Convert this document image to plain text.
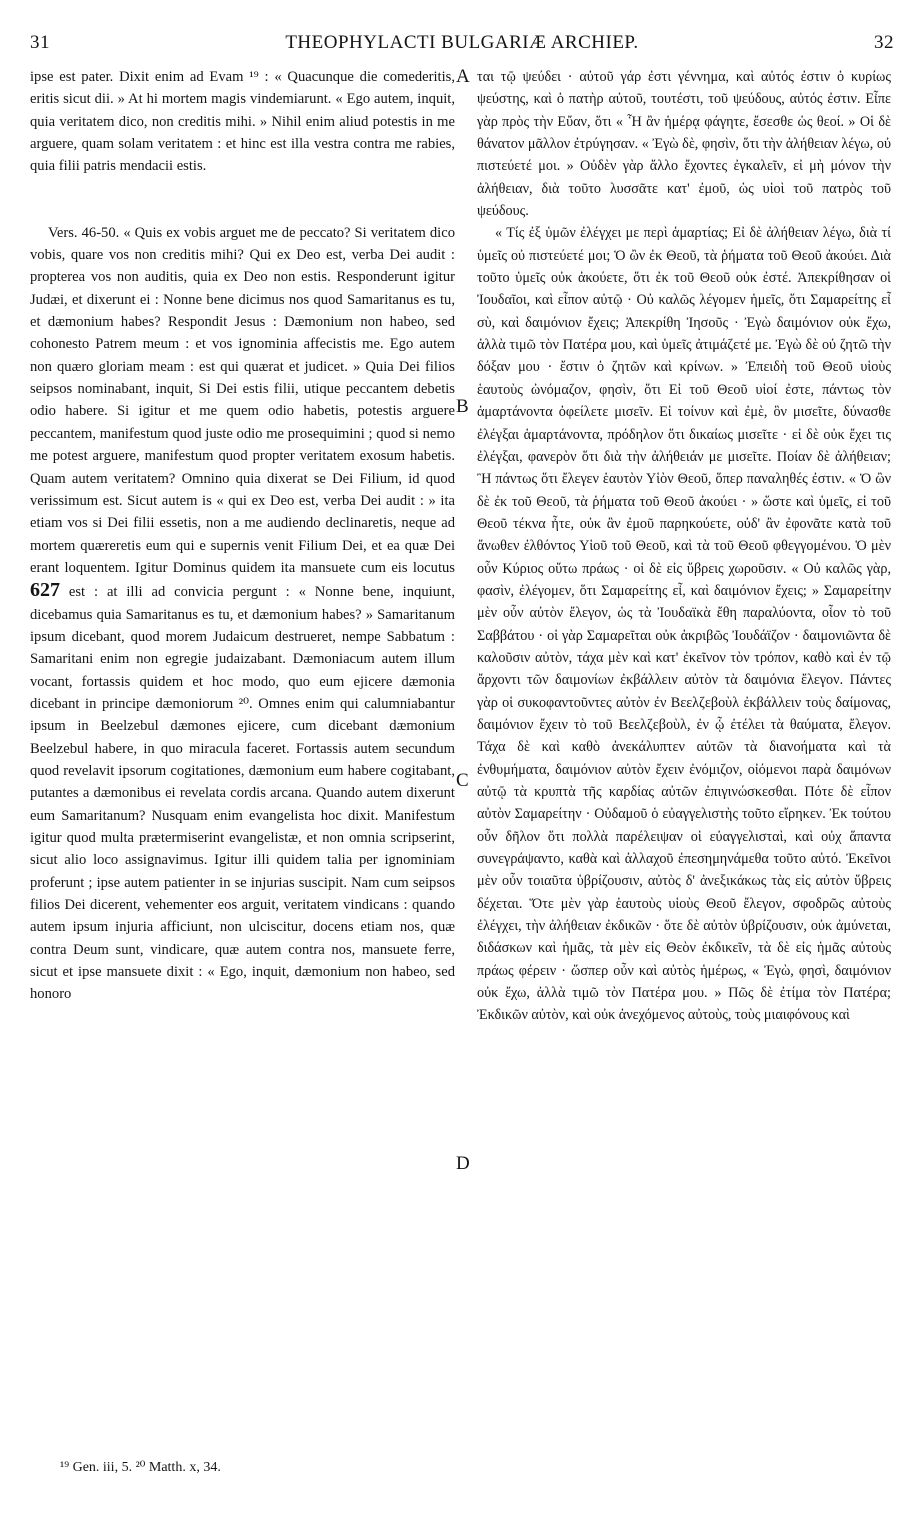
31	THEOPHYLACTI BULGARIÆ ARCHIEP.	32

ipse est pater. Dixit enim ad Evam ¹⁹ : « Quacunque die comederitis, eritis sicut dii. » At hi mortem magis vindemiarunt. « Ego autem, inquit, quia veritatem dico, non creditis mihi. » Nihil enim aliud potestis in me arguere, quam solam veritatem : et hinc est illa vestra contra me rabies, quia filii patris mendacii estis.

Vers. 46-50. « Quis ex vobis arguet me de peccato? Si veritatem dico vobis, quare vos non creditis mihi? Qui ex Deo est, verba Dei audit : propterea vos non auditis, quia ex Deo non estis. Responderunt igitur Judæi, et dixerunt ei : Nonne bene dicimus nos quod Samaritanus es tu, et dæmonium habes? Respondit Jesus : Dæmonium non habeo, sed cohonesto Patrem meum : et vos ignominia affecistis me. Ego autem non quæro gloriam meam : est qui quærat et judicet. » Quia Dei filios seipsos nominabant, inquit, Si Dei estis filii, utique peccantem debetis odio habere. Si igitur et me quem odio habetis, potestis arguere peccantem, manifestum quod juste odio me prosequimini ; quod si nemo me potest arguere, manifestum quod propter veritatem exosum habetis. Quam autem veritatem? Omnino quia dixerat se Dei Filium, id quod verissimum est. Sicut autem is « qui ex Deo est, verba Dei audit : » ita etiam vos si Dei filii essetis, non a me audiendo declinaretis, neque ad mortem quæreretis eum qui e supernis venit Filium Dei, et ea quæ Dei erant loquentem. Igitur Dominus quidem ita mansuete cum eis locutus 627 est : at illi ad convicia pergunt : « Nonne bene, inquiunt, dicebamus quia Samaritanus es tu, et dæmonium habes? » Samaritanum ipsum dicebant, quod morem Judaicum destrueret, nempe Sabbatum : Samaritani enim non egregie judaizabant. Dæmoniacum autem illum vocant, fortassis quidem et hoc modo, quo eum ejicere dæmonia dicebant in principe dæmoniorum ²⁰. Omnes enim qui calumniabantur ipsum in Beelzebul dæmones ejicere, cum dicebant dæmonium Beelzebul habere, in quo miracula faceret. Fortassis autem secundum quod revelavit ipsorum cogitationes, dæmonium eum habere cogitabant, putantes a dæmonibus ei revelata cordis arcana. Quando autem dixerunt eum Samaritanum? Nusquam enim evangelista hoc dixit. Manifestum igitur quod multa prætermiserint evangelistæ, et non omnia scripserint, sicut alio loco assignavimus. Igitur illi quidem talia per ignominiam proferunt ; ipse autem patienter in se injurias suscipit. Nam cum seipsos filios Dei dicerent, vehementer eos arguit, veritatem vindicans : quando autem ipsum injuria afficiunt, non ulciscitur, docens etiam nos, quæ contra Deum sunt, vindicare, quæ autem contra nos, mansuete ferre, sicut et ipse mansuete dixit : « Ego, inquit, dæmonium non habeo, sed honoro

A
B
C
D

ται τῷ ψεύδει · αὐτοῦ γάρ ἐστι γέννημα, καὶ αὐτός ἐστιν ὁ κυρίως ψεύστης, καὶ ὁ πατὴρ αὐτοῦ, τουτέστι, τοῦ ψεύδους, αὐτός ἐστιν. Εἶπε γὰρ πρὸς τὴν Εὔαν, ὅτι « Ἧ ἂν ἡμέρᾳ φάγητε, ἔσεσθε ὡς θεοί. » Οἱ δὲ θάνατον μᾶλλον ἐτρύγησαν. « Ἐγὼ δὲ, φησὶν, ὅτι τὴν ἀλήθειαν λέγω, οὐ πιστεύετέ μοι. » Οὐδὲν γὰρ ἄλλο ἔχοντες ἐγκαλεῖν, εἰ μὴ μόνον τὴν ἀλήθειαν, διὰ τοῦτο λυσσᾶτε κατ' ἐμοῦ, ὡς υἱοὶ τοῦ πατρὸς τοῦ ψεύδους.

« Τίς ἐξ ὑμῶν ἐλέγχει με περὶ ἁμαρτίας; Εἰ δὲ ἀλήθειαν λέγω, διὰ τί ὑμεῖς οὐ πιστεύετέ μοι; Ὁ ὢν ἐκ Θεοῦ, τὰ ῥήματα τοῦ Θεοῦ ἀκούει. Διὰ τοῦτο ὑμεῖς οὐκ ἀκούετε, ὅτι ἐκ τοῦ Θεοῦ οὐκ ἐστέ. Ἀπεκρίθησαν οἱ Ἰουδαῖοι, καὶ εἶπον αὐτῷ · Οὐ καλῶς λέγομεν ἡμεῖς, ὅτι Σαμαρείτης εἶ σὺ, καὶ δαιμόνιον ἔχεις; Ἀπεκρίθη Ἰησοῦς · Ἐγὼ δαιμόνιον οὐκ ἔχω, ἀλλὰ τιμῶ τὸν Πατέρα μου, καὶ ὑμεῖς ἀτιμάζετέ με. Ἐγὼ δὲ οὐ ζητῶ τὴν δόξαν μου · ἔστιν ὁ ζητῶν καὶ κρίνων. » Ἐπειδὴ τοῦ Θεοῦ υἱοὺς ἑαυτοὺς ὠνόμαζον, φησὶν, ὅτι Εἰ τοῦ Θεοῦ υἱοί ἐστε, πάντως τὸν ἁμαρτάνοντα ὀφείλετε μισεῖν. Εἰ τοίνυν καὶ ἐμὲ, ὃν μισεῖτε, δύνασθε ἐλέγξαι ἁμαρτάνοντα, πρόδηλον ὅτι δικαίως μισεῖτε · εἰ δὲ οὐκ ἔχει τις ἐλέγξαι, φανερὸν ὅτι διὰ τὴν ἀλήθειάν με μισεῖτε. Ποίαν δὲ ἀλήθειαν; Ἢ πάντως ὅτι ἔλεγεν ἑαυτὸν Υἱὸν Θεοῦ, ὅπερ παναληθές ἐστιν. « Ὁ ὢν δὲ ἐκ τοῦ Θεοῦ, τὰ ῥήματα τοῦ Θεοῦ ἀκούει · » ὥστε καὶ ὑμεῖς, εἰ τοῦ Θεοῦ τέκνα ἦτε, οὐκ ἂν ἐμοῦ παρηκούετε, οὐδ' ἂν ἐφονᾶτε κατὰ τοῦ ἄνωθεν ἐλθόντος Υἱοῦ τοῦ Θεοῦ, καὶ τὰ τοῦ Θεοῦ φθεγγομένου. Ὁ μὲν οὖν Κύριος οὕτω πράως · οἱ δὲ εἰς ὕβρεις χωροῦσιν. « Οὐ καλῶς γὰρ, φασὶν, ἐλέγομεν, ὅτι Σαμαρείτης εἶ, καὶ δαιμόνιον ἔχεις; » Σαμαρείτην μὲν οὖν αὐτὸν ἔλεγον, ὡς τὰ Ἰουδαϊκὰ ἔθη παραλύοντα, οἷον τὸ τοῦ Σαββάτου · οἱ γὰρ Σαμαρεῖται οὐκ ἀκριβῶς Ἰουδάϊζον · δαιμονιῶντα δὲ καλοῦσιν αὐτὸν, τάχα μὲν καὶ κατ' ἐκεῖνον τὸν τρόπον, καθὸ καὶ ἐν τῷ ἄρχοντι τῶν δαιμονίων ἐκβάλλειν αὐτὸν τὰ δαιμόνια ἔλεγον. Πάντες γὰρ οἱ συκοφαντοῦντες αὐτὸν ἐν Βεελζεβοὺλ ἐκβάλλειν τοὺς δαίμονας, δαιμόνιον ἔχειν τὸ τοῦ Βεελζεβοὺλ, ἐν ᾧ ἐτέλει τὰ θαύματα, ἔλεγον. Τάχα δὲ καὶ καθὸ ἀνεκάλυπτεν αὐτῶν τὰ διανοήματα καὶ τὰ ἐνθυμήματα, δαιμόνιον αὐτὸν ἔχειν ἐνόμιζον, οἰόμενοι παρὰ δαιμόνων αὐτῷ τὰ κρυπτὰ τῆς καρδίας αὐτῶν ἐπιγινώσκεσθαι. Πότε δὲ εἶπον αὐτὸν Σαμαρείτην · Οὐδαμοῦ ὁ εὐαγγελιστὴς τοῦτο εἴρηκεν. Ἐκ τούτου οὖν δῆλον ὅτι πολλὰ παρέλειψαν οἱ εὐαγγελισταὶ, καὶ οὐχ ἅπαντα συνεγράψαντο, καθὰ καὶ ἀλλαχοῦ ἐπεσημηνάμεθα τοῦτο αὐτό. Ἐκεῖνοι μὲν οὖν τοιαῦτα ὑβρίζουσιν, αὐτὸς δ' ἀνεξικάκως τὰς εἰς αὐτὸν ὕβρεις δέχεται. Ὅτε μὲν γὰρ ἑαυτοὺς υἱοὺς Θεοῦ ἔλεγον, σφοδρῶς αὐτοὺς ἐλέγχει, τὴν ἀλήθειαν ἐκδικῶν · ὅτε δὲ αὐτὸν ὑβρίζουσιν, οὐκ ἀμύνεται, διδάσκων καὶ ἡμᾶς, τὰ μὲν εἰς Θεὸν ἐκδικεῖν, τὰ δὲ εἰς ἡμᾶς αὐτοὺς πράως φέρειν · ὥσπερ οὖν καὶ αὐτὸς ἡμέρως, « Ἐγὼ, φησὶ, δαιμόνιον οὐκ ἔχω, ἀλλὰ τιμῶ τὸν Πατέρα μου. » Πῶς δὲ ἐτίμα τὸν Πατέρα; Ἐκδικῶν αὐτὸν, καὶ οὐκ ἀνεχόμενος αὐτοὺς, τοὺς μιαιφόνους καὶ

¹⁹ Gen. iii, 5. ²⁰ Matth. x, 34.
